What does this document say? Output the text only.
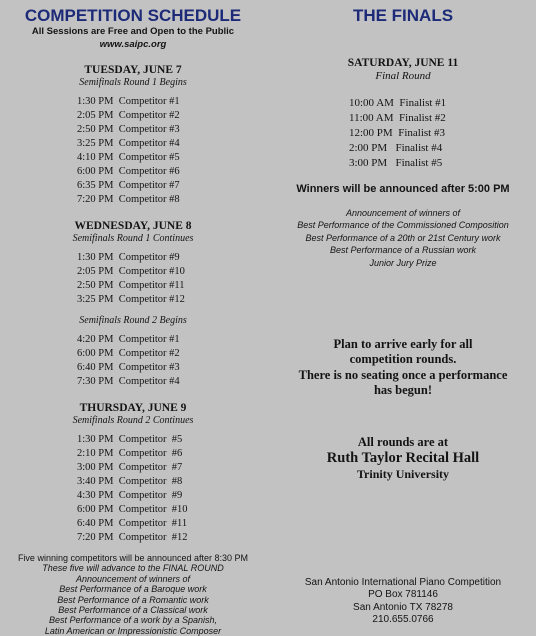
COMPETITION SCHEDULE
All Sessions are Free and Open to the Public
www.saipc.org
TUESDAY, JUNE 7
Semifinals Round 1 Begins
1:30 PM  Competitor #1
2:05 PM  Competitor #2
2:50 PM  Competitor #3
3:25 PM  Competitor #4
4:10 PM  Competitor #5
6:00 PM  Competitor #6
6:35 PM  Competitor #7
7:20 PM  Competitor #8
WEDNESDAY, JUNE 8
Semifinals Round 1 Continues
1:30 PM  Competitor #9
2:05 PM  Competitor #10
2:50 PM  Competitor #11
3:25 PM  Competitor #12
Semifinals Round 2 Begins
4:20 PM  Competitor #1
6:00 PM  Competitor #2
6:40 PM  Competitor #3
7:30 PM  Competitor #4
THURSDAY, JUNE 9
Semifinals Round 2 Continues
1:30 PM  Competitor  #5
2:10 PM  Competitor  #6
3:00 PM  Competitor  #7
3:40 PM  Competitor  #8
4:30 PM  Competitor  #9
6:00 PM  Competitor  #10
6:40 PM  Competitor  #11
7:20 PM  Competitor  #12
Five winning competitors will be announced after 8:30 PM
These five will advance to the FINAL ROUND
Announcement of winners of
Best Performance of a Baroque work
Best Performance of a Romantic work
Best Performance of a Classical work
Best Performance of a work by a Spanish,
Latin American or Impressionistic Composer
THE FINALS
SATURDAY, JUNE 11
Final Round
10:00 AM  Finalist #1
11:00 AM  Finalist #2
12:00 PM  Finalist #3
2:00 PM   Finalist #4
3:00 PM   Finalist #5
Winners will be announced after 5:00 PM
Announcement of winners of
Best Performance of the Commissioned Composition
Best Performance of a 20th or 21st Century work
Best Performance of a Russian work
Junior Jury Prize
Plan to arrive early for all
competition rounds.
There is no seating once a performance
has begun!
All rounds are at
Ruth Taylor Recital Hall
Trinity University
San Antonio International Piano Competition
PO Box 781146
San Antonio TX 78278
210.655.0766
